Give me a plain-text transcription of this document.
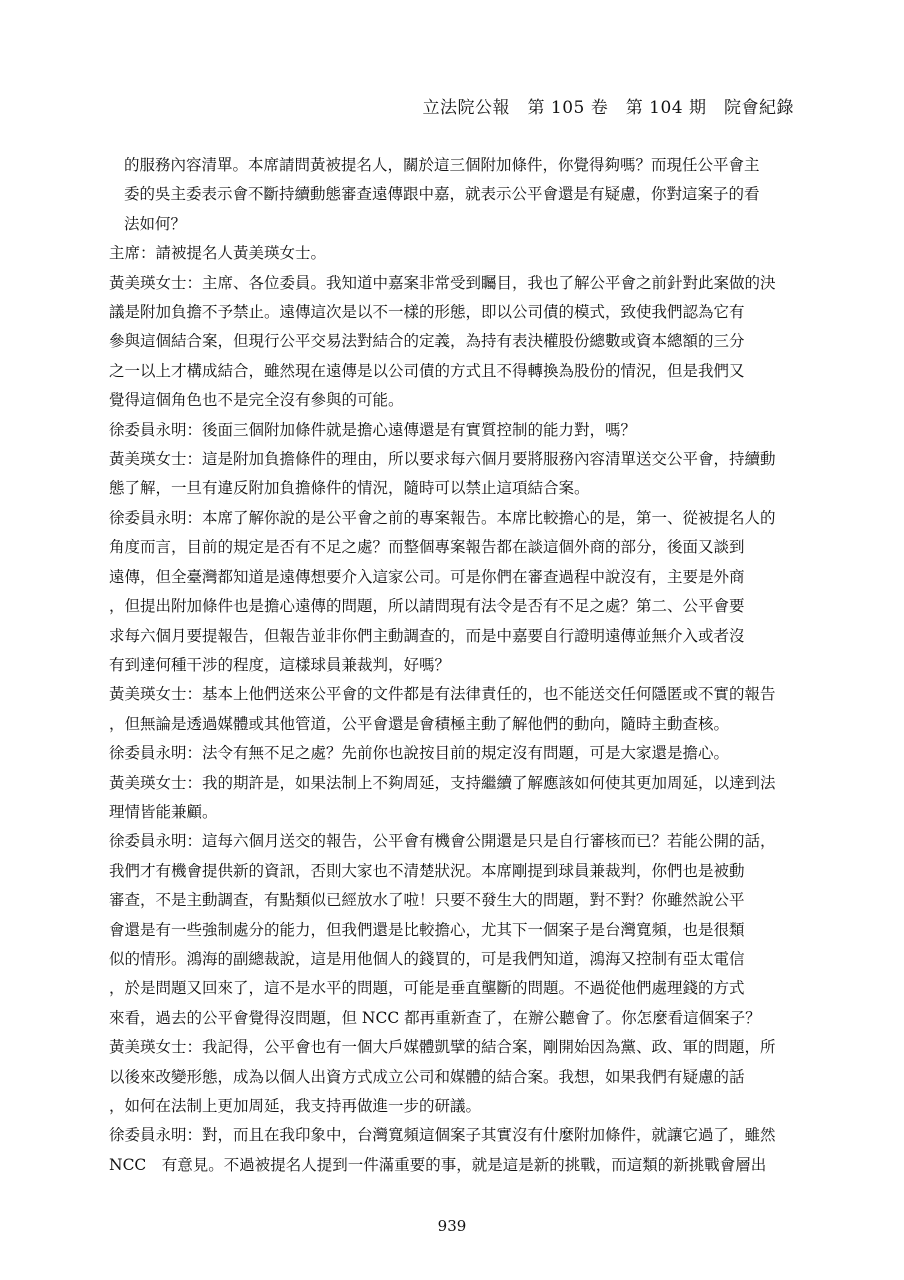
立法院公報　第 105 卷　第 104 期　院會紀錄

的服務內容清單。本席請問黃被提名人，關於這三個附加條件，你覺得夠嗎？而現任公平會主
委的吳主委表示會不斷持續動態審查遠傳跟中嘉，就表示公平會還是有疑慮，你對這案子的看
法如何？

主席：請被提名人黃美瑛女士。

黃美瑛女士：主席、各位委員。我知道中嘉案非常受到矚目，我也了解公平會之前針對此案做的決
議是附加負擔不予禁止。遠傳這次是以不一樣的形態，即以公司債的模式，致使我們認為它有
參與這個結合案，但現行公平交易法對結合的定義，為持有表決權股份總數或資本總額的三分
之一以上才構成結合，雖然現在遠傳是以公司債的方式且不得轉換為股份的情況，但是我們又
覺得這個角色也不是完全沒有參與的可能。

徐委員永明：後面三個附加條件就是擔心遠傳還是有實質控制的能力對，嗎？

黃美瑛女士：這是附加負擔條件的理由，所以要求每六個月要將服務內容清單送交公平會，持續動
態了解，一旦有違反附加負擔條件的情況，隨時可以禁止這項結合案。

徐委員永明：本席了解你說的是公平會之前的專案報告。本席比較擔心的是，第一、從被提名人的
角度而言，目前的規定是否有不足之處？而整個專案報告都在談這個外商的部分，後面又談到
遠傳，但全臺灣都知道是遠傳想要介入這家公司。可是你們在審查過程中說沒有，主要是外商
，但提出附加條件也是擔心遠傳的問題，所以請問現有法令是否有不足之處？第二、公平會要
求每六個月要提報告，但報告並非你們主動調查的，而是中嘉要自行證明遠傳並無介入或者沒
有到達何種干涉的程度，這樣球員兼裁判，好嗎？

黃美瑛女士：基本上他們送來公平會的文件都是有法律責任的，也不能送交任何隱匿或不實的報告
，但無論是透過媒體或其他管道，公平會還是會積極主動了解他們的動向，隨時主動查核。

徐委員永明：法令有無不足之處？先前你也說按目前的規定沒有問題，可是大家還是擔心。

黃美瑛女士：我的期許是，如果法制上不夠周延，支持繼續了解應該如何使其更加周延，以達到法
理情皆能兼顧。

徐委員永明：這每六個月送交的報告，公平會有機會公開還是只是自行審核而已？若能公開的話，
我們才有機會提供新的資訊，否則大家也不清楚狀況。本席剛提到球員兼裁判，你們也是被動
審查，不是主動調查，有點類似已經放水了啦！只要不發生大的問題，對不對？你雖然說公平
會還是有一些強制處分的能力，但我們還是比較擔心，尤其下一個案子是台灣寬頻，也是很類
似的情形。鴻海的副總裁說，這是用他個人的錢買的，可是我們知道，鴻海又控制有亞太電信
，於是問題又回來了，這不是水平的問題，可能是垂直壟斷的問題。不過從他們處理錢的方式
來看，過去的公平會覺得沒問題，但 NCC 都再重新查了，在辦公聽會了。你怎麼看這個案子？

黃美瑛女士：我記得，公平會也有一個大戶媒體凱擘的結合案，剛開始因為黨、政、軍的問題，所
以後來改變形態，成為以個人出資方式成立公司和媒體的結合案。我想，如果我們有疑慮的話
，如何在法制上更加周延，我支持再做進一步的研議。

徐委員永明：對，而且在我印象中，台灣寬頻這個案子其實沒有什麼附加條件，就讓它過了，雖然
NCC　有意見。不過被提名人提到一件滿重要的事，就是這是新的挑戰，而這類的新挑戰會層出

939
